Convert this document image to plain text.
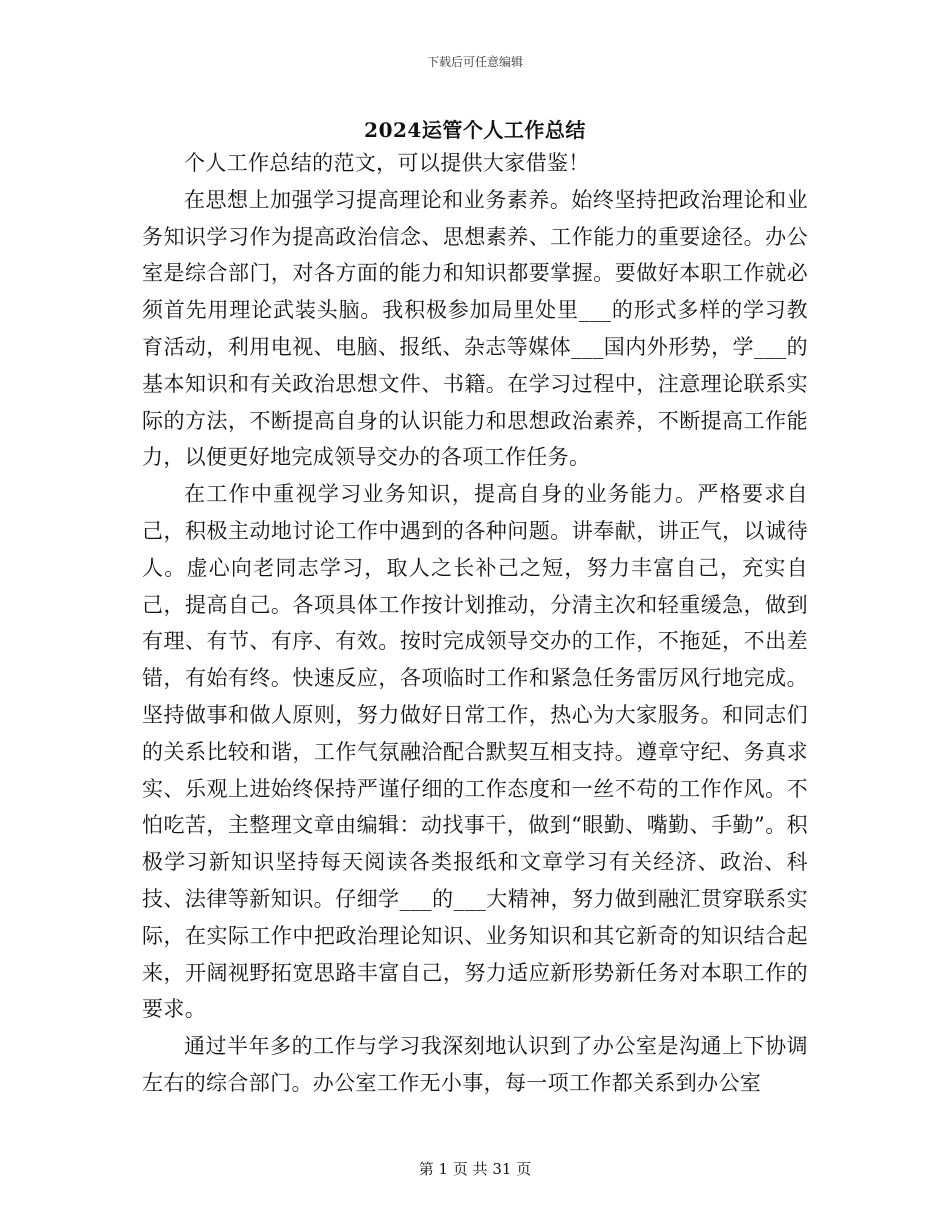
下载后可任意编辑
2024运管个人工作总结

个人工作总结的范文，可以提供大家借鉴！

在思想上加强学习提高理论和业务素养。始终坚持把政治理论和业务知识学习作为提高政治信念、思想素养、工作能力的重要途径。办公室是综合部门，对各方面的能力和知识都要掌握。要做好本职工作就必须首先用理论武装头脑。我积极参加局里处里___的形式多样的学习教育活动，利用电视、电脑、报纸、杂志等媒体___国内外形势，学___的基本知识和有关政治思想文件、书籍。在学习过程中，注意理论联系实际的方法，不断提高自身的认识能力和思想政治素养，不断提高工作能力，以便更好地完成领导交办的各项工作任务。

在工作中重视学习业务知识，提高自身的业务能力。严格要求自己，积极主动地讨论工作中遇到的各种问题。讲奉献，讲正气，以诚待人。虚心向老同志学习，取人之长补己之短，努力丰富自己，充实自己，提高自己。各项具体工作按计划推动，分清主次和轻重缓急，做到有理、有节、有序、有效。按时完成领导交办的工作，不拖延，不出差错，有始有终。快速反应，各项临时工作和紧急任务雷厉风行地完成。坚持做事和做人原则，努力做好日常工作，热心为大家服务。和同志们的关系比较和谐，工作气氛融洽配合默契互相支持。遵章守纪、务真求实、乐观上进始终保持严谨仔细的工作态度和一丝不苟的工作作风。不怕吃苦，主整理文章由编辑：动找事干，做到“眼勤、嘴勤、手勤”。积极学习新知识坚持每天阅读各类报纸和文章学习有关经济、政治、科技、法律等新知识。仔细学___的___大精神，努力做到融汇贯穿联系实际，在实际工作中把政治理论知识、业务知识和其它新奇的知识结合起来，开阔视野拓宽思路丰富自己，努力适应新形势新任务对本职工作的要求。

通过半年多的工作与学习我深刻地认识到了办公室是沟通上下协调左右的综合部门。办公室工作无小事，每一项工作都关系到办公室

第 1 页 共 31 页
